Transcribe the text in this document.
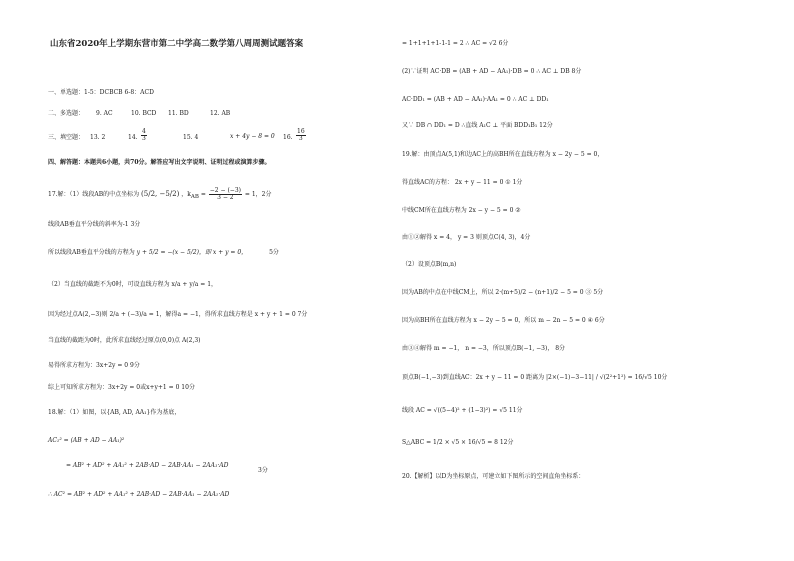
山东省2020年上学期东营市第二中学高二数学第八周周测试题答案
一、单选题：1-5：DCBCB 6-8：ACD
二、多选题： 9. AC	10. BCD 11. BD	12. AB
三、填空题： 13. 2	14. $\frac{4}{3}$	15. 4	x + 4y − 8 = 0 16. $\frac{16}{3}$
四、解答题：本题共6小题，共70分。解答应写出文字说明、证明过程或演算步骤。
17.解：（1）线段AB的中点坐标为 (5/2, −5/2) ，$k_{AB} = \frac{-2 - (-3)}{3 - 2} = 1$，2分
线段AB垂直平分线的斜率为-1 3分
所以线段AB垂直平分线的方程为 y + 5/2 = −(x − 5/2)，即 x + y = 0，	5分
（2）当直线的截距不为0时，可设直线方程为 x/a + y/a = 1，
因为经过点A(2,−3)则 2/a + (−3)/a = 1，解得a = −1，得所求直线方程是 x + y + 1 = 0 7分
当直线的截距为0时，此所求直线经过原点(0,0)点 A(2,3)
易得所求方程为：3x+2y = 0 9分
综上可知所求方程为：3x+2y = 0或x+y+1 = 0 10分
18.解：（1）如图，以{AB, AD, AA₁}作为基底，
AC₁² = (AB + AD − AA₁)²
= AB² + AD² + AA₁² + 2AB·AD − 2AB·AA₁ − 2AA₁·AD
3分
∴ AC² = AB² + AD² + AA₁² + 2AB·AD − 2AB·AA₁ − 2AA₁·AD
= 1+1+1+1-1-1 = 2 ∴ AC = √2 6分
(2)∵证明 AC·DB = (AB + AD − AA₁)·DB = 0 ∴ AC ⊥ DB 8分
AC·DD₁ = (AB + AD − AA₁)·AA₁ = 0 ∴ AC ⊥ DD₁
又∵ DB ∩ DD₁ = D ∴直线 A₁C ⊥ 平面 BDD₁B₁ 12分
19.解：由顶点A(5,1)和边AC上的高BH所在直线方程为 x − 2y − 5 = 0，
得直线AC的方程： 2x + y − 11 = 0 ① 1分
中线CM所在直线方程为 2x − y − 5 = 0 ②
由①②解得 x = 4， y = 3 则顶点C(4, 3)，4分
（2）设顶点B(m,n)
因为AB的中点在中线CM上，所以 2·(m+5)/2 − (n+1)/2 − 5 = 0 ③ 5分
因为高BH所在直线方程为 x − 2y − 5 = 0，所以 m − 2n − 5 = 0 ④ 6分
由③④解得 m = −1， n = −3，所以顶点B(−1, −3)， 8分
顶点B(−1,−3)到直线AC：2x + y − 11 = 0 距离为 |2×(−1)−3−11| / √(2²+1²) = 16/√5 10分
线段 AC = √((5−4)² + (1−3)²) = √5 11分
S△ABC = 1/2 × √5 × 16/√5 = 8 12分
20.【解析】以D为坐标原点，可建立如下图所示的空间直角坐标系：
